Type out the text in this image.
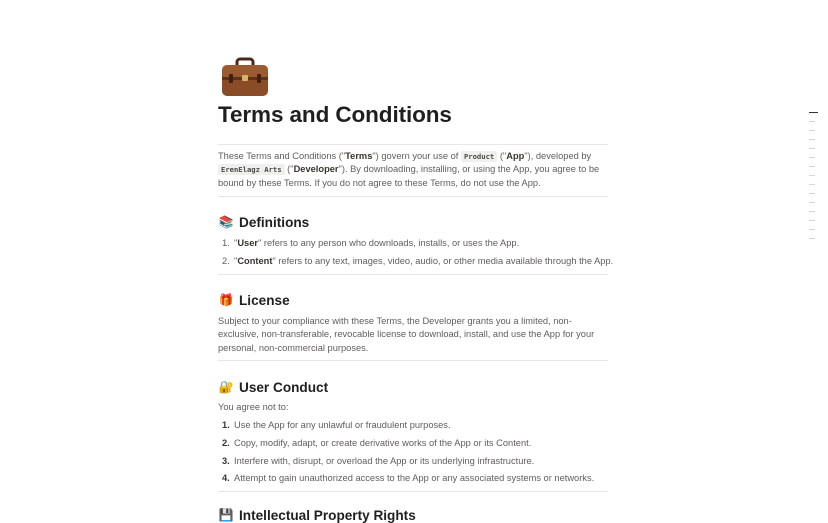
Terms and Conditions

These Terms and Conditions ("Terms") govern your use of Product ("App"), developed by
ErenElagz Arts ("Developer"). By downloading, installing, or using the App, you agree to be bound by these Terms. If you do not agree to these Terms, do not use the App.

📚 Definitions
1. "User" refers to any person who downloads, installs, or uses the App.
2. "Content" refers to any text, images, video, audio, or other media available through the App.
🎁 License

Subject to your compliance with these Terms, the Developer grants you a limited, non-exclusive, non-transferable, revocable license to download, install, and use the App for your personal, non-commercial purposes.

🔐 User Conduct

You agree not to:

1. Use the App for any unlawful or fraudulent purposes.
2. Copy, modify, adapt, or create derivative works of the App or its Content.
3. Interfere with, disrupt, or overload the App or its underlying infrastructure.
4. Attempt to gain unauthorized access to the App or any associated systems or networks.
💾 Intellectual Property Rights
